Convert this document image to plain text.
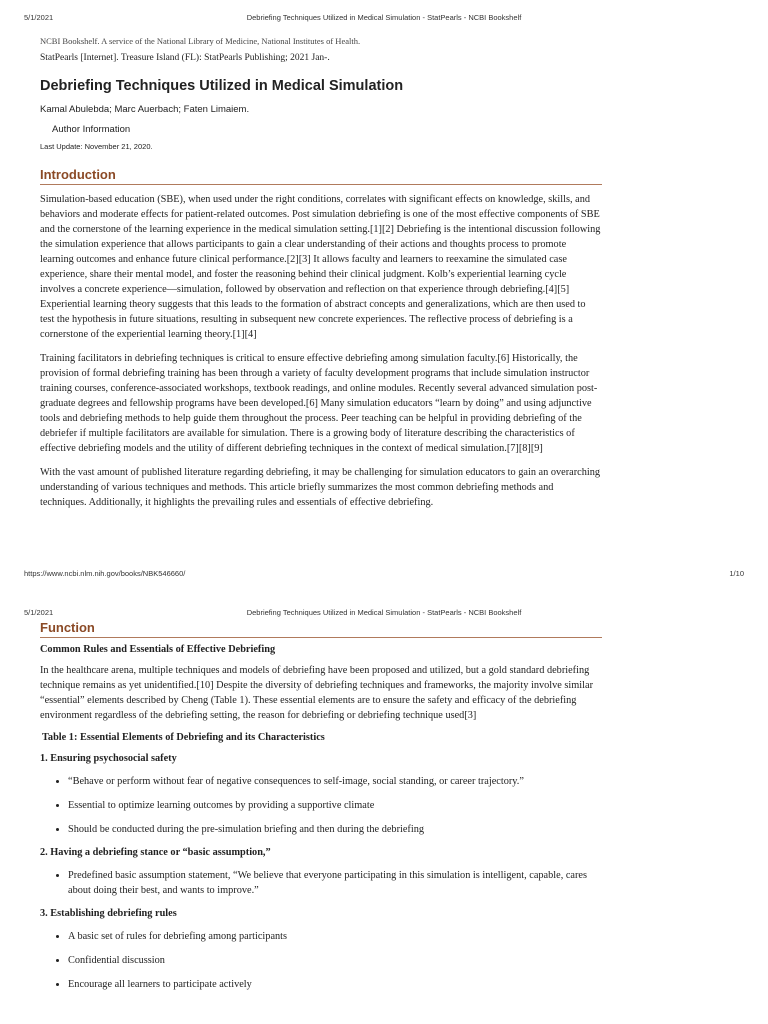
5/1/2021	Debriefing Techniques Utilized in Medical Simulation - StatPearls - NCBI Bookshelf
NCBI Bookshelf. A service of the National Library of Medicine, National Institutes of Health.
StatPearls [Internet]. Treasure Island (FL): StatPearls Publishing; 2021 Jan-.
Debriefing Techniques Utilized in Medical Simulation
Kamal Abulebda; Marc Auerbach; Faten Limaiem.
Author Information
Last Update: November 21, 2020.
Introduction

Simulation-based education (SBE), when used under the right conditions, correlates with significant effects on knowledge, skills, and behaviors and moderate effects for patient-related outcomes. Post simulation debriefing is one of the most effective components of SBE and the cornerstone of the learning experience in the medical simulation setting.[1][2] Debriefing is the intentional discussion following the simulation experience that allows participants to gain a clear understanding of their actions and thoughts process to promote learning outcomes and enhance future clinical performance.[2][3] It allows faculty and learners to reexamine the simulated case experience, share their mental model, and foster the reasoning behind their clinical judgment. Kolb’s experiential learning cycle involves a concrete experience—simulation, followed by observation and reflection on that experience through debriefing.[4][5] Experiential learning theory suggests that this leads to the formation of abstract concepts and generalizations, which are then used to test the hypothesis in future situations, resulting in subsequent new concrete experiences. The reflective process of debriefing is a cornerstone of the experiential learning theory.[1][4]

Training facilitators in debriefing techniques is critical to ensure effective debriefing among simulation faculty.[6] Historically, the provision of formal debriefing training has been through a variety of faculty development programs that include simulation instructor training courses, conference-associated workshops, textbook readings, and online modules. Recently several advanced simulation post-graduate degrees and fellowship programs have been developed.[6] Many simulation educators “learn by doing” and using adjunctive tools and debriefing methods to help guide them throughout the process. Peer teaching can be helpful in providing debriefing of the debriefer if multiple facilitators are available for simulation. There is a growing body of literature describing the characteristics of effective debriefing models and the utility of different debriefing techniques in the context of medical simulation.[7][8][9]

With the vast amount of published literature regarding debriefing, it may be challenging for simulation educators to gain an overarching understanding of various techniques and methods. This article briefly summarizes the most common debriefing methods and techniques. Additionally, it highlights the prevailing rules and essentials of effective debriefing.

https://www.ncbi.nlm.nih.gov/books/NBK546660/	1/10
5/1/2021	Debriefing Techniques Utilized in Medical Simulation - StatPearls - NCBI Bookshelf
Function
Common Rules and Essentials of Effective Debriefing

In the healthcare arena, multiple techniques and models of debriefing have been proposed and utilized, but a gold standard debriefing technique remains as yet unidentified.[10] Despite the diversity of debriefing techniques and frameworks, the majority involve similar “essential” elements described by Cheng (Table 1). These essential elements are to ensure the safety and efficacy of the debriefing environment regardless of the debriefing setting, the reason for debriefing or debriefing technique used[3]

Table 1: Essential Elements of Debriefing and its Characteristics
1. Ensuring psychosocial safety
• “Behave or perform without fear of negative consequences to self-image, social standing, or career trajectory.”
• Essential to optimize learning outcomes by providing a supportive climate
• Should be conducted during the pre-simulation briefing and then during the debriefing
2. Having a debriefing stance or “basic assumption,”
• Predefined basic assumption statement, “We believe that everyone participating in this simulation is intelligent, capable, cares about doing their best, and wants to improve.”
3. Establishing debriefing rules
• A basic set of rules for debriefing among participants
• Confidential discussion
• Encourage all learners to participate actively
